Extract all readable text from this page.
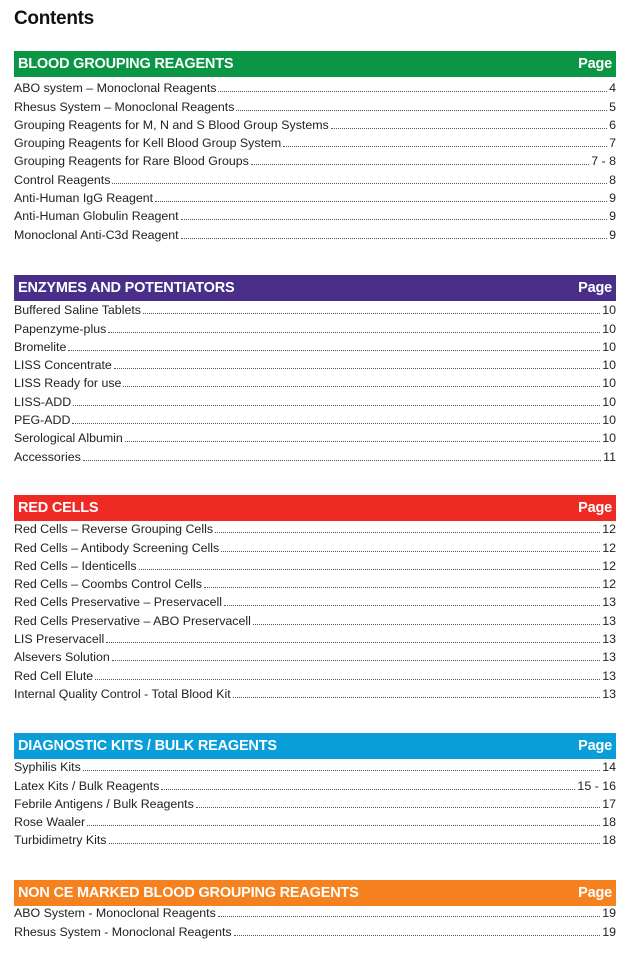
Contents
BLOOD GROUPING REAGENTS	Page
ABO system – Monoclonal Reagents	4
Rhesus System – Monoclonal Reagents	5
Grouping Reagents for M, N and S Blood Group Systems	6
Grouping Reagents for Kell Blood Group System	7
Grouping Reagents for Rare Blood Groups	7 - 8
Control Reagents	8
Anti-Human IgG Reagent	9
Anti-Human Globulin Reagent	9
Monoclonal Anti-C3d Reagent	9
ENZYMES AND POTENTIATORS	Page
Buffered Saline Tablets	10
Papenzyme-plus	10
Bromelite	10
LISS Concentrate	10
LISS Ready for use	10
LISS-ADD	10
PEG-ADD	10
Serological Albumin	10
Accessories	11
RED CELLS	Page
Red Cells – Reverse Grouping Cells	12
Red Cells – Antibody Screening Cells	12
Red Cells – Identicells	12
Red Cells – Coombs Control Cells	12
Red Cells Preservative – Preservacell	13
Red Cells Preservative – ABO Preservacell	13
LIS Preservacell	13
Alsevers Solution	13
Red Cell Elute	13
Internal Quality Control - Total Blood Kit	13
DIAGNOSTIC KITS / BULK REAGENTS	Page
Syphilis Kits	14
Latex Kits / Bulk Reagents	15 - 16
Febrile Antigens / Bulk Reagents	17
Rose Waaler	18
Turbidimetry Kits	18
NON CE MARKED BLOOD GROUPING REAGENTS	Page
ABO System - Monoclonal Reagents	19
Rhesus System - Monoclonal Reagents	19
